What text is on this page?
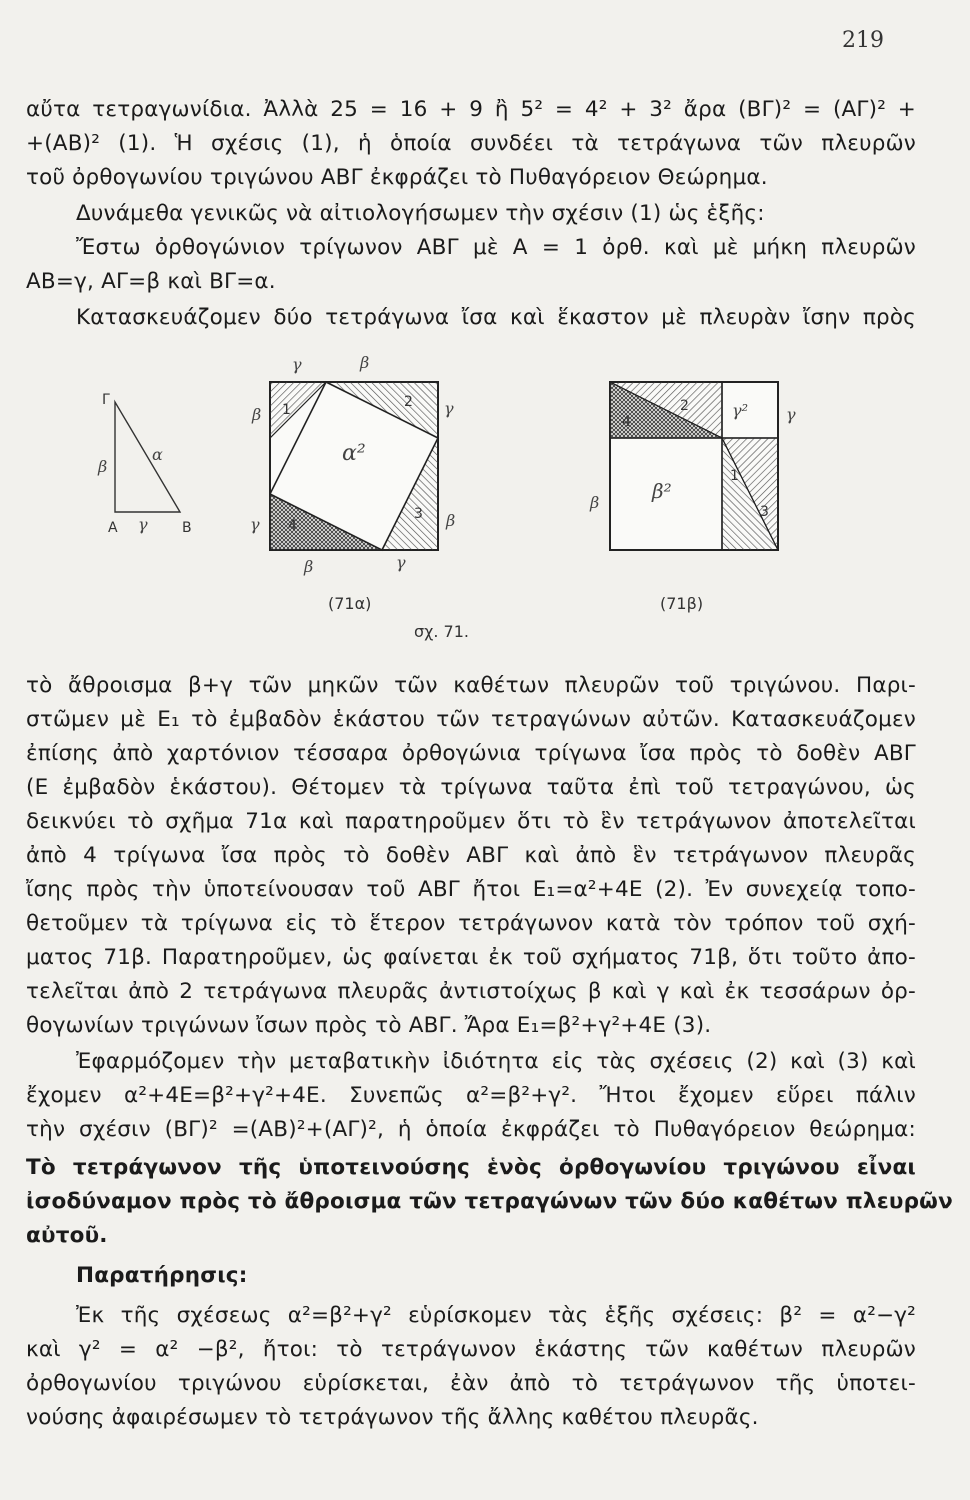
219
αὔτα τετραγωνίδια. Ἀλλὰ 25 = 16 + 9 ἢ 5² = 4² + 3² ἄρα (ΒΓ)² = (ΑΓ)² +
+(ΑΒ)² (1). Ἡ σχέσις (1), ἡ ὁποία συνδέει τὰ τετράγωνα τῶν πλευρῶν
τοῦ ὀρθογωνίου τριγώνου ΑΒΓ ἐκφράζει τὸ Πυθαγόρειον Θεώρημα.
Δυνάμεθα γενικῶς νὰ αἰτιολογήσωμεν τὴν σχέσιν (1) ὡς ἑξῆς:
Ἔστω ὀρθογώνιον τρίγωνον ΑΒΓ μὲ Α = 1 ὀρθ. καὶ μὲ μήκη πλευρῶν
ΑΒ=γ, ΑΓ=β καὶ ΒΓ=α.
Κατασκευάζομεν δύο τετράγωνα ἴσα καὶ ἕκαστον μὲ πλευρὰν ἴσην πρὸς
Γ
Α	Β
β
α
γ
γ	β
β	γ
γ	β
β	γ
α²
1	2
3
4
γ² γ
β²
β
1
2
3
4
(71α)	(71β)
σχ. 71.
τὸ ἄθροισμα β+γ τῶν μηκῶν τῶν καθέτων πλευρῶν τοῦ τριγώνου. Παρι-
στῶμεν μὲ Ε₁ τὸ ἐμβαδὸν ἑκάστου τῶν τετραγώνων αὐτῶν. Κατασκευάζομεν
ἐπίσης ἀπὸ χαρτόνιον τέσσαρα ὀρθογώνια τρίγωνα ἴσα πρὸς τὸ δοθὲν ΑΒΓ
(Ε ἐμβαδὸν ἑκάστου). Θέτομεν τὰ τρίγωνα ταῦτα ἐπὶ τοῦ τετραγώνου, ὡς
δεικνύει τὸ σχῆμα 71α καὶ παρατηροῦμεν ὅτι τὸ ἓν τετράγωνον ἀποτελεῖται
ἀπὸ 4 τρίγωνα ἴσα πρὸς τὸ δοθὲν ΑΒΓ καὶ ἀπὸ ἓν τετράγωνον πλευρᾶς
ἴσης πρὸς τὴν ὑποτείνουσαν τοῦ ΑΒΓ ἤτοι Ε₁=α²+4Ε (2). Ἐν συνεχείᾳ τοπο-
θετοῦμεν τὰ τρίγωνα εἰς τὸ ἕτερον τετράγωνον κατὰ τὸν τρόπον τοῦ σχή-
ματος 71β. Παρατηροῦμεν, ὡς φαίνεται ἐκ τοῦ σχήματος 71β, ὅτι τοῦτο ἀπο-
τελεῖται ἀπὸ 2 τετράγωνα πλευρᾶς ἀντιστοίχως β καὶ γ καὶ ἐκ τεσσάρων ὀρ-
θογωνίων τριγώνων ἴσων πρὸς τὸ ΑΒΓ. Ἄρα Ε₁=β²+γ²+4Ε (3).
Ἐφαρμόζομεν τὴν μεταβατικὴν ἰδιότητα εἰς τὰς σχέσεις (2) καὶ (3) καὶ
ἔχομεν α²+4Ε=β²+γ²+4Ε. Συνεπῶς α²=β²+γ². Ἤτοι ἔχομεν εὕρει πάλιν
τὴν σχέσιν (ΒΓ)² =(ΑΒ)²+(ΑΓ)², ἡ ὁποία ἐκφράζει τὸ Πυθαγόρειον θεώρημα:
Τὸ τετράγωνον τῆς ὑποτεινούσης ἑνὸς ὀρθογωνίου τριγώνου εἶναι
ἰσοδύναμον πρὸς τὸ ἄθροισμα τῶν τετραγώνων τῶν δύο καθέτων πλευρῶν
αὐτοῦ.
Παρατήρησις:
Ἐκ τῆς σχέσεως α²=β²+γ² εὑρίσκομεν τὰς ἑξῆς σχέσεις: β² = α²−γ²
καὶ γ² = α² −β², ἤτοι: τὸ τετράγωνον ἑκάστης τῶν καθέτων πλευρῶν
ὀρθογωνίου τριγώνου εὑρίσκεται, ἐὰν ἀπὸ τὸ τετράγωνον τῆς ὑποτει-
νούσης ἀφαιρέσωμεν τὸ τετράγωνον τῆς ἄλλης καθέτου πλευρᾶς.
